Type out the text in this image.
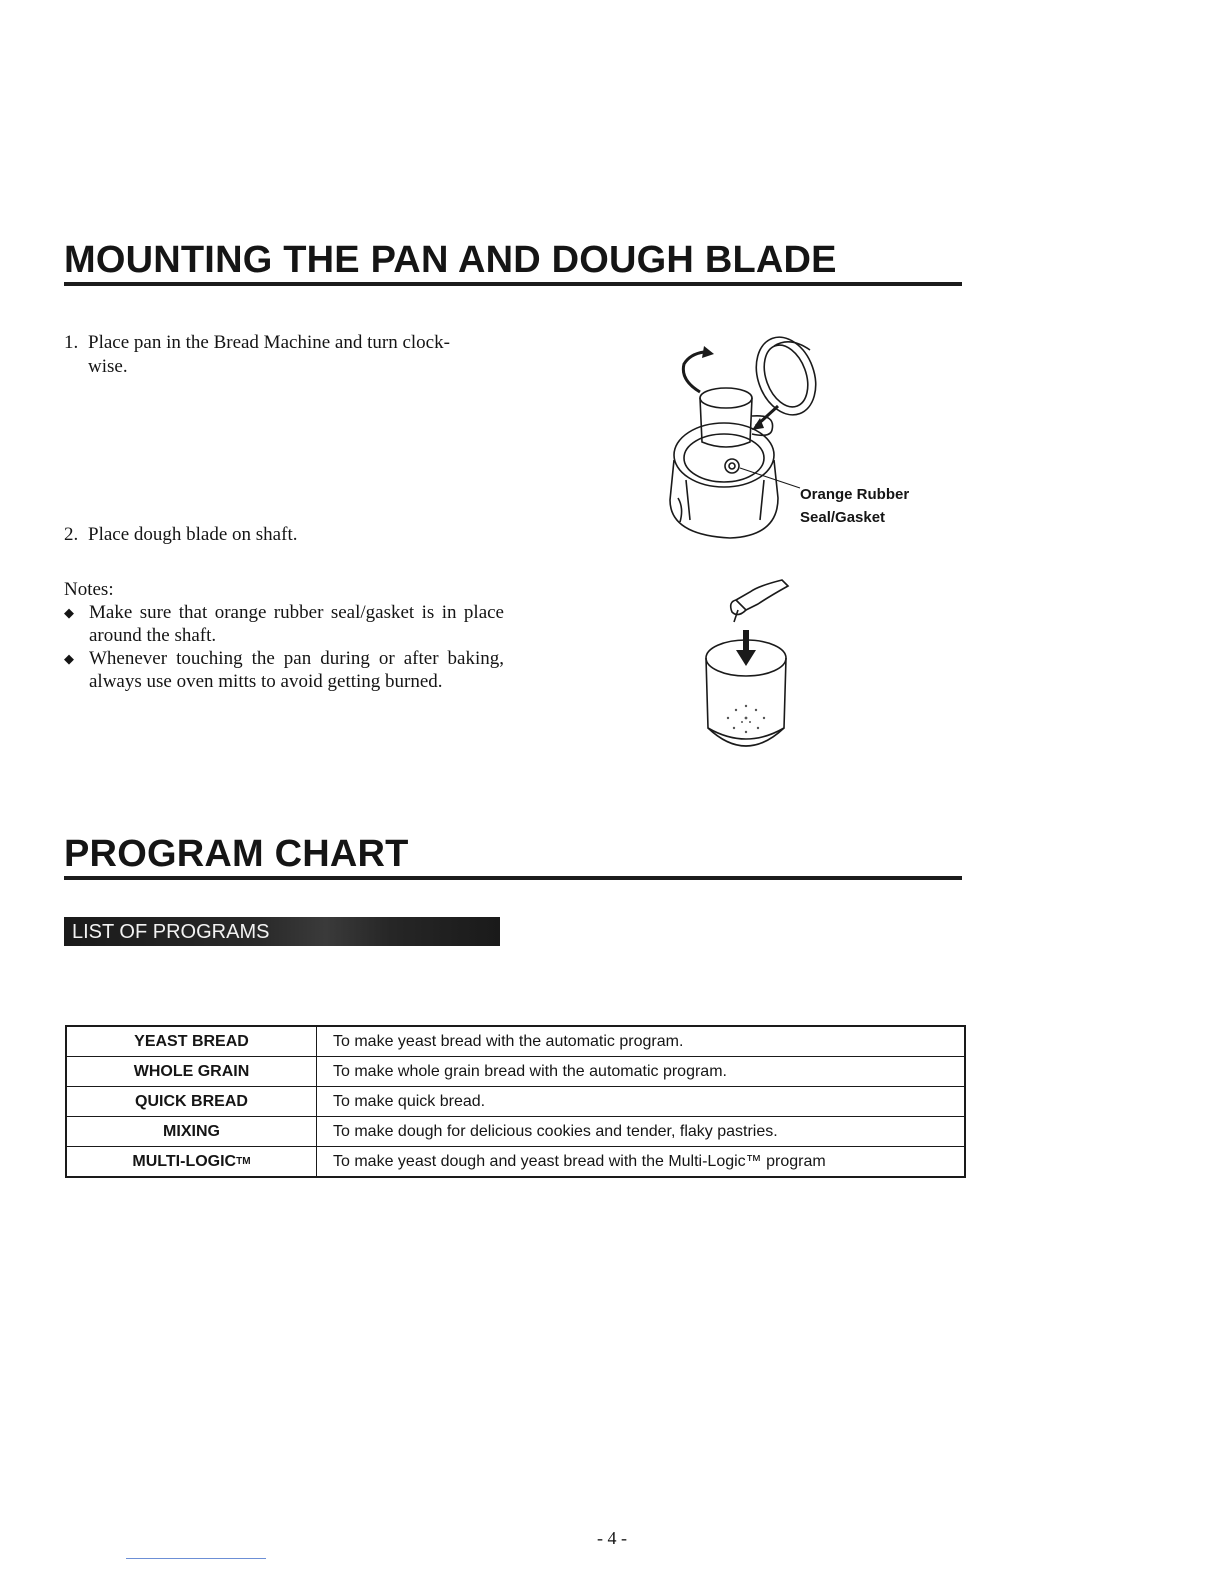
MOUNTING THE PAN AND DOUGH BLADE
1. Place pan in the Bread Machine and turn clock-
wise.
2. Place dough blade on shaft.
Notes:
◆ Make sure that orange rubber seal/gasket is in place around the shaft.
◆ Whenever touching the pan during or after baking, always use oven mitts to avoid getting burned.
Orange Rubber
Seal/Gasket
PROGRAM CHART
LIST OF PROGRAMS
YEAST BREAD	To make yeast bread with the automatic program.
WHOLE GRAIN	To make whole grain bread with the automatic program.
QUICK BREAD	To make quick bread.
MIXING	To make dough for delicious cookies and tender, flaky pastries.
MULTI-LOGICTM	To make yeast dough and yeast bread with the Multi-Logic™ program
- 4 -
